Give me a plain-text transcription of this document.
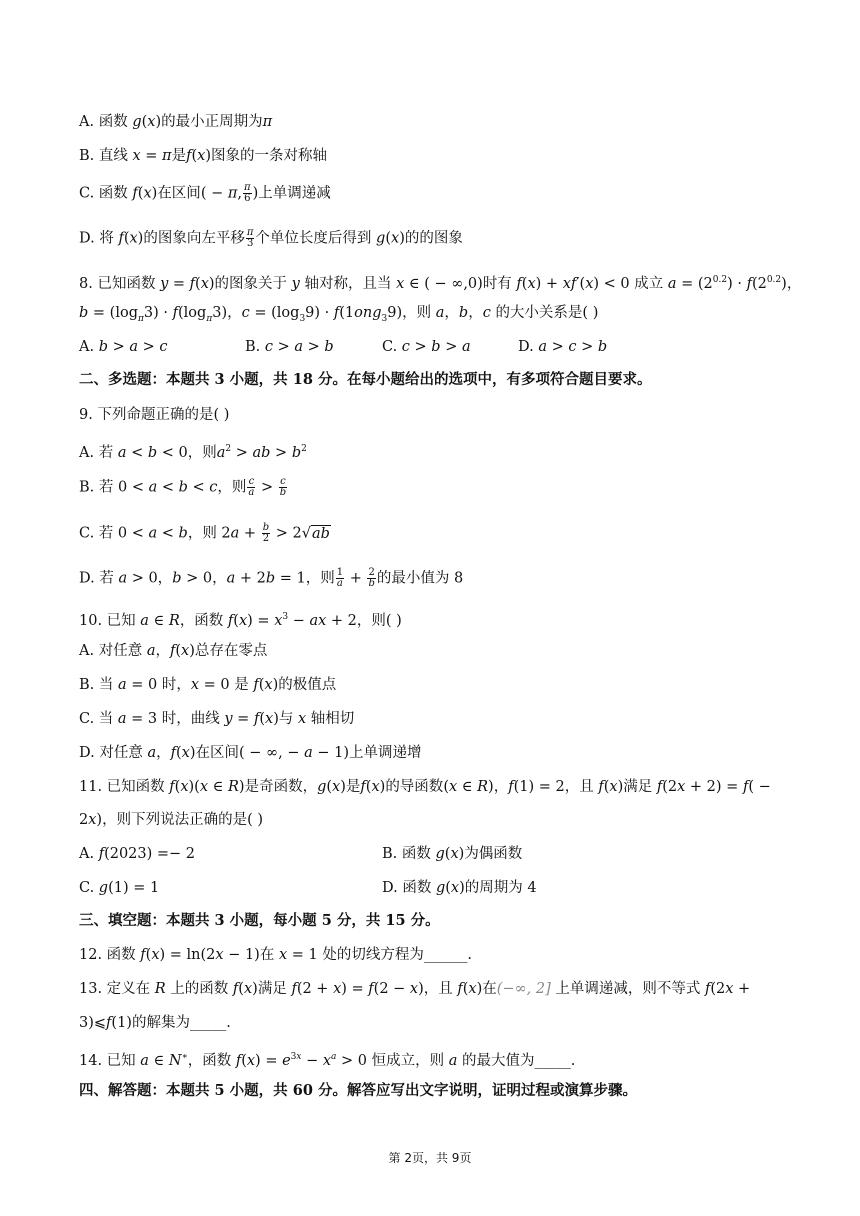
A. 函数 g(x)的最小正周期为π
B. 直线 x = π是f(x)图象的一条对称轴
C. 函数 f(x)在区间( − π, $\frac{\pi}{6}$ )上单调递减
D. 将 f(x)的图象向左平移 $\frac{\pi}{3}$ 个单位长度后得到 g(x)的的图象
8. 已知函数 y = f(x)的图象关于 y 轴对称，且当 x ∈ ( − ∞,0)时有 f(x) + xf′(x) < 0 成立 $a = (2^{0.2}) \cdot f(2^{0.2})$，
$b = (\log_\pi 3) \cdot f(\log_\pi 3)$，$c = (\log_39) \cdot f(1ong_39)$，则 a，b，c 的大小关系是( )
A. b > a > c	B. c > a > b	C. c > b > a	D. a > c > b
二、多选题：本题共 3 小题，共 18 分。在每小题给出的选项中，有多项符合题目要求。
9. 下列命题正确的是( )
A. 若 a < b < 0，则$a^2$ > ab > $b^2$
B. 若 0 < a < b < c，则 $\frac{c}{a} > \frac{c}{b}$
C. 若 0 < a < b，则 $2a + \frac{b}{2} > 2√ab$
D. 若 a > 0，b > 0，a + 2b = 1，则 $\frac{1}{a} + \frac{2}{b}$ 的最小值为 8
10. 已知 a ∈ R，函数 $f(x) = x^3$ − ax + 2，则( )
A. 对任意 a，f(x)总存在零点
B. 当 a = 0 时，x = 0 是 f(x)的极值点
C. 当 a = 3 时，曲线 y = f(x)与 x 轴相切
D. 对任意 a，f(x)在区间( − ∞, − a − 1)上单调递增
11. 已知函数 f(x)(x ∈ R)是奇函数，g(x)是f(x)的导函数(x ∈ R)，f(1) = 2，且 f(x)满足 f(2x + 2) = f( −
2x)，则下列说法正确的是( )
A. f(2023) =− 2	B. 函数 g(x)为偶函数
C. g(1) = 1	D. 函数 g(x)的周期为 4
三、填空题：本题共 3 小题，每小题 5 分，共 15 分。
12. 函数 f(x) = ln(2x − 1)在 x = 1 处的切线方程为______.
13. 定义在 R 上的函数 f(x)满足 f(2 + x) = f(2 − x)，且 f(x)在(−∞, 2] 上单调递减，则不等式 f(2x +
3)⩽f(1)的解集为_____.
14. 已知 a ∈ N∗，函数 $f(x) = e^{3x} - x^a > 0$ 恒成立，则 a 的最大值为_____.
四、解答题：本题共 5 小题，共 60 分。解答应写出文字说明，证明过程或演算步骤。
第 2页，共 9页
